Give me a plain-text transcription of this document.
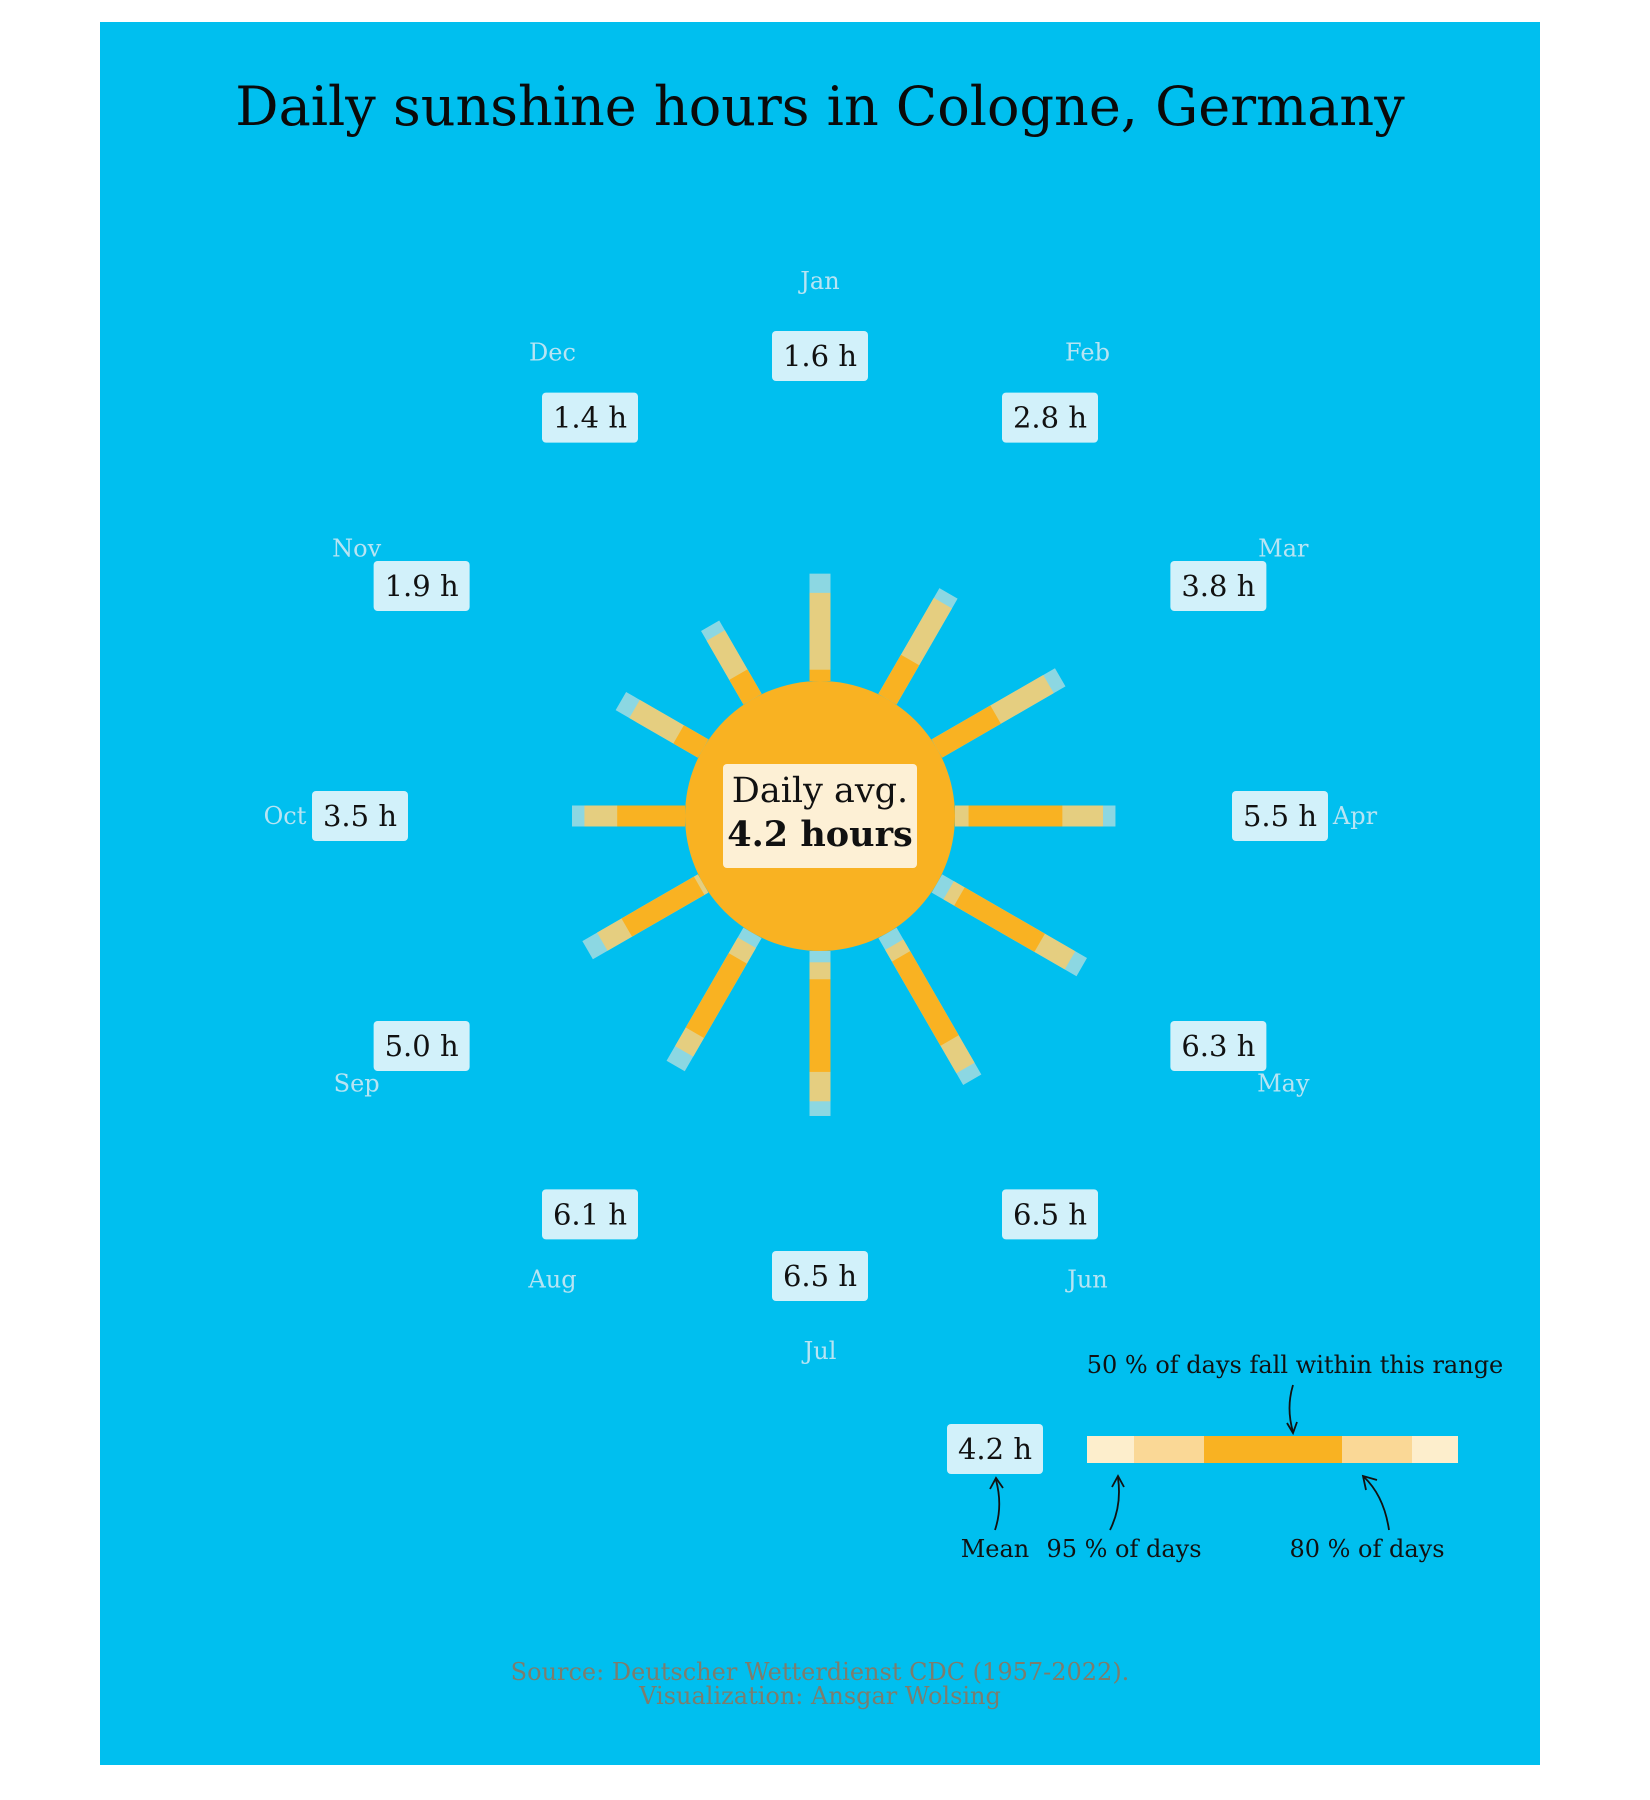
Daily sunshine hours in Cologne, Germany
Daily avg.
4.2 hours
1.6 h
Jan
2.8 h
Feb
3.8 h
Mar
5.5 h Apr
6.3 h
May
6.5 h
Jun
6.5 h
Jul
6.1 h
Aug
5.0 h
Sep
3.5 h
Oct
1.9 h
Nov
1.4 h
Dec
4.2 h
50 % of days fall within this range
Mean 95 % of days	80 % of days
Source: Deutscher Wetterdienst CDC (1957-2022).
Visualization: Ansgar Wolsing
